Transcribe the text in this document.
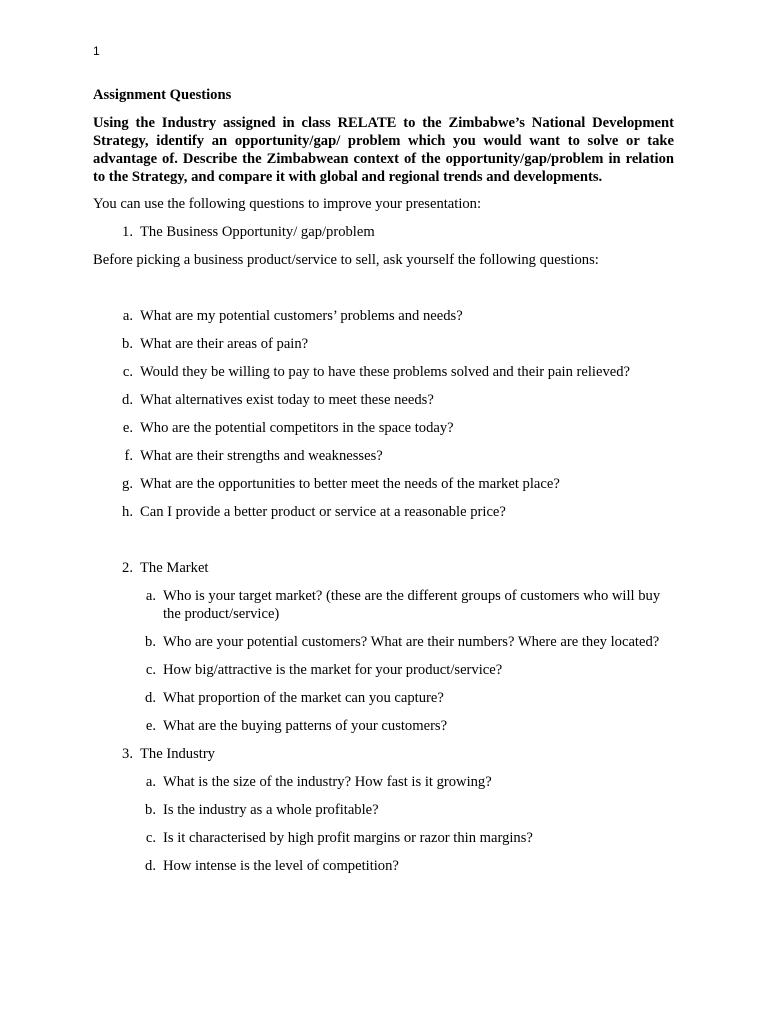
1
Assignment Questions
Using the Industry assigned in class RELATE to the Zimbabwe’s National Development Strategy, identify an opportunity/gap/ problem which you would want to solve or take advantage of. Describe the Zimbabwean context of the opportunity/gap/problem in relation to the Strategy, and compare it with global and regional trends and developments.
You can use the following questions to improve your presentation:
1. The Business Opportunity/ gap/problem
Before picking a business product/service to sell, ask yourself the following questions:
a. What are my potential customers’ problems and needs?
b. What are their areas of pain?
c. Would they be willing to pay to have these problems solved and their pain relieved?
d. What alternatives exist today to meet these needs?
e. Who are the potential competitors in the space today?
f. What are their strengths and weaknesses?
g. What are the opportunities to better meet the needs of the market place?
h. Can I provide a better product or service at a reasonable price?
2. The Market
a. Who is your target market? (these are the different groups of customers who will buy the product/service)
b. Who are your potential customers? What are their numbers? Where are they located?
c. How big/attractive is the market for your product/service?
d. What proportion of the market can you capture?
e. What are the buying patterns of your customers?
3. The Industry
a. What is the size of the industry? How fast is it growing?
b. Is the industry as a whole profitable?
c. Is it characterised by high profit margins or razor thin margins?
d. How intense is the level of competition?
